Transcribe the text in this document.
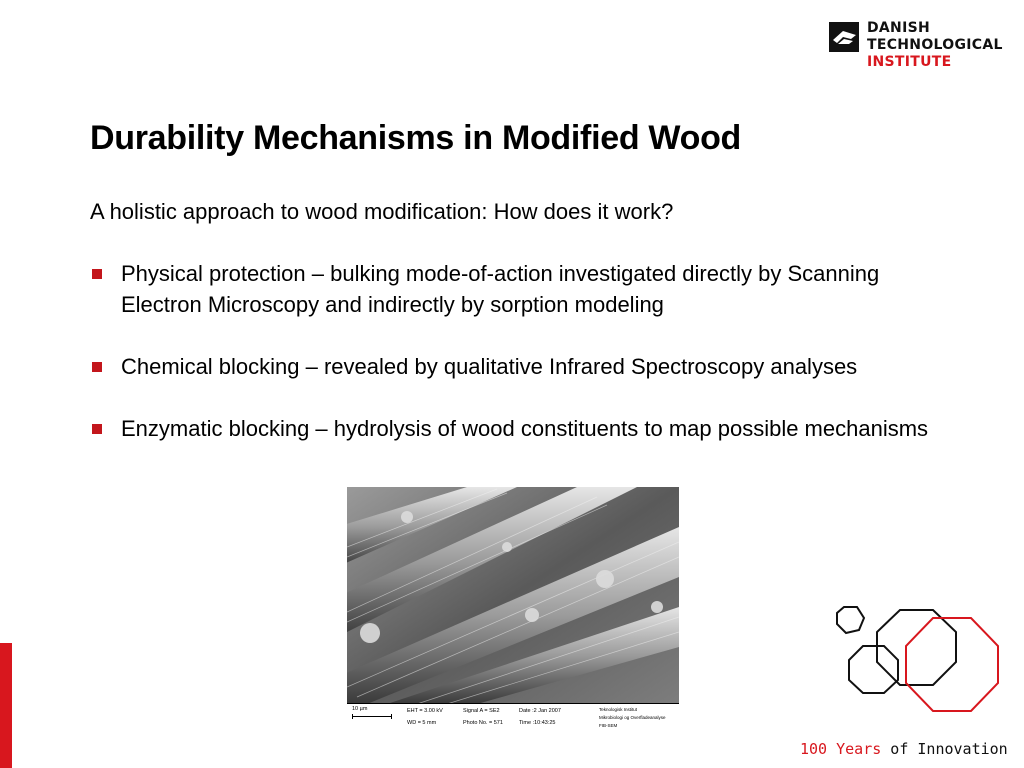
DANISH
TECHNOLOGICAL
INSTITUTE
Durability Mechanisms in Modified Wood
A holistic approach to wood modification: How does it work?
Physical protection – bulking mode-of-action investigated directly by Scanning Electron Microscopy and indirectly by sorption modeling
Chemical blocking – revealed by qualitative Infrared Spectroscopy analyses
Enzymatic blocking – hydrolysis of wood constituents to map possible mechanisms
10 µm	EHT = 3.00 kV
WD = 5 mm
Signal A = SE2
Photo No. = 571
Date :2 Jan 2007
Time :10:43:25
Teknologisk Institut
Mikrobiologi og Overfladeanalyse
FIB-SEM
100 Years of Innovation
